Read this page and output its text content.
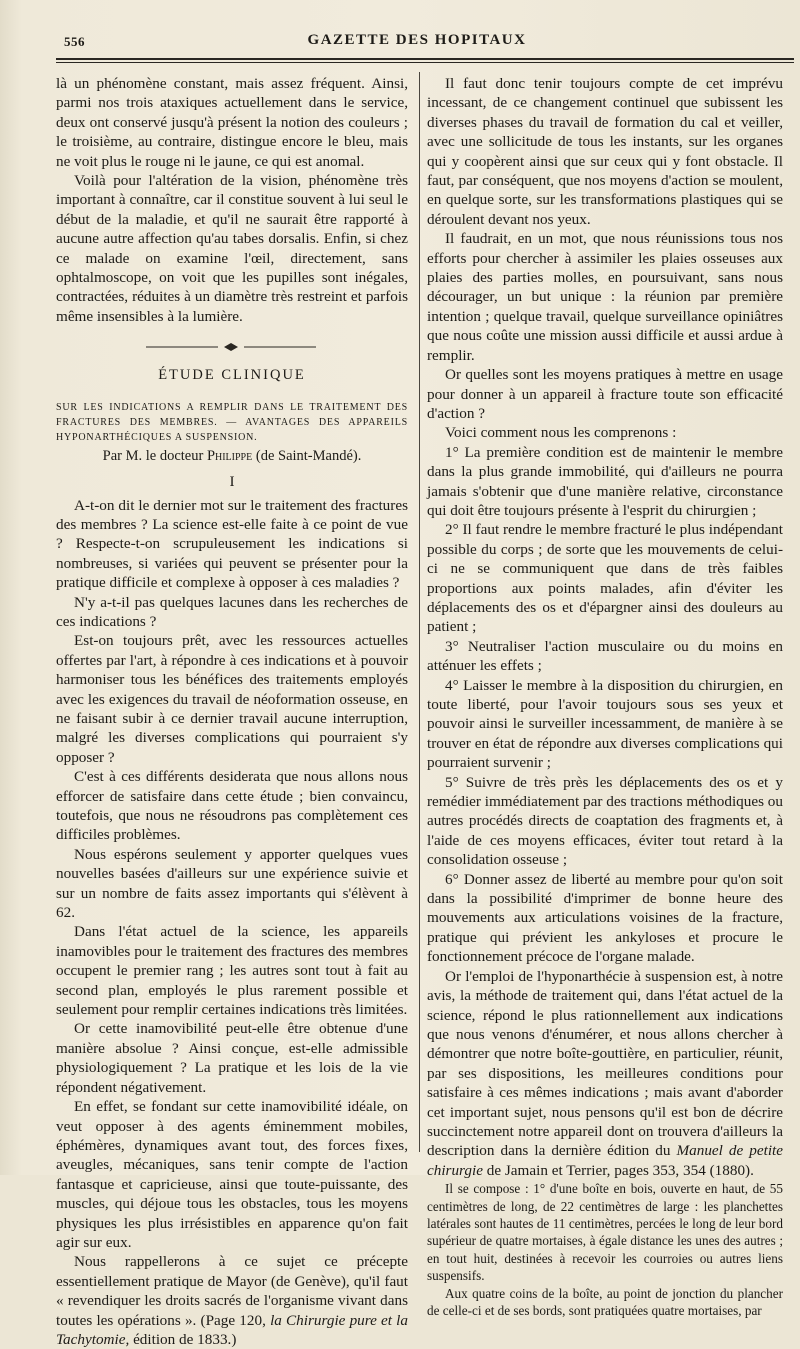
556	GAZETTE DES HOPITAUX

là un phénomène constant, mais assez fréquent. Ainsi, parmi nos trois ataxiques actuellement dans le service, deux ont conservé jusqu'à présent la notion des couleurs ; le troisième, au contraire, distingue encore le bleu, mais ne voit plus le rouge ni le jaune, ce qui est anomal.

Voilà pour l'altération de la vision, phénomène très important à connaître, car il constitue souvent à lui seul le début de la maladie, et qu'il ne saurait être rapporté à aucune autre affection qu'au tabes dorsalis. Enfin, si chez ce malade on examine l'œil, directement, sans ophtalmoscope, on voit que les pupilles sont inégales, contractées, réduites à un diamètre très restreint et parfois même insensibles à la lumière.

ÉTUDE CLINIQUE

SUR LES INDICATIONS A REMPLIR DANS LE TRAITEMENT DES FRACTURES DES MEMBRES. — AVANTAGES DES APPAREILS HYPONARTHÉCIQUES A SUSPENSION.

Par M. le docteur Philippe (de Saint-Mandé).
I

A-t-on dit le dernier mot sur le traitement des fractures des membres ? La science est-elle faite à ce point de vue ? Respecte-t-on scrupuleusement les indications si nombreuses, si variées qui peuvent se présenter pour la pratique difficile et complexe à opposer à ces maladies ?

N'y a-t-il pas quelques lacunes dans les recherches de ces indications ?

Est-on toujours prêt, avec les ressources actuelles offertes par l'art, à répondre à ces indications et à pouvoir harmoniser tous les bénéfices des traitements employés avec les exigences du travail de néoformation osseuse, en ne faisant subir à ce dernier travail aucune interruption, malgré les diverses complications qui pourraient s'y opposer ?

C'est à ces différents desiderata que nous allons nous efforcer de satisfaire dans cette étude ; bien convaincu, toutefois, que nous ne résoudrons pas complètement ces difficiles problèmes.

Nous espérons seulement y apporter quelques vues nouvelles basées d'ailleurs sur une expérience suivie et sur un nombre de faits assez importants qui s'élèvent à 62.

Dans l'état actuel de la science, les appareils inamovibles pour le traitement des fractures des membres occupent le premier rang ; les autres sont tout à fait au second plan, employés le plus rarement possible et seulement pour remplir certaines indications très limitées.

Or cette inamovibilité peut-elle être obtenue d'une manière absolue ? Ainsi conçue, est-elle admissible physiologiquement ? La pratique et les lois de la vie répondent négativement.

En effet, se fondant sur cette inamovibilité idéale, on veut opposer à des agents éminemment mobiles, éphémères, dynamiques avant tout, des forces fixes, aveugles, mécaniques, sans tenir compte de l'action fantasque et capricieuse, ainsi que toute-puissante, des muscles, qui déjoue tous les obstacles, tous les moyens physiques les plus irrésistibles en apparence qu'on fait agir sur eux.

Nous rappellerons à ce sujet ce précepte essentiellement pratique de Mayor (de Genève), qu'il faut « revendiquer les droits sacrés de l'organisme vivant dans toutes les opérations ». (Page 120, la Chirurgie pure et la Tachytomie, édition de 1833.)

Il faut donc tenir toujours compte de cet imprévu incessant, de ce changement continuel que subissent les diverses phases du travail de formation du cal et veiller, avec une sollicitude de tous les instants, sur les organes qui y coopèrent ainsi que sur ceux qui y font obstacle. Il faut, par conséquent, que nos moyens d'action se moulent, en quelque sorte, sur les transformations plastiques qui se déroulent devant nos yeux.

Il faudrait, en un mot, que nous réunissions tous nos efforts pour chercher à assimiler les plaies osseuses aux plaies des parties molles, en poursuivant, sans nous décourager, un but unique : la réunion par première intention ; quelque travail, quelque surveillance opiniâtres que nous coûte une mission aussi difficile et aussi ardue à remplir.

Or quelles sont les moyens pratiques à mettre en usage pour donner à un appareil à fracture toute son efficacité d'action ?

Voici comment nous les comprenons :

1° La première condition est de maintenir le membre dans la plus grande immobilité, qui d'ailleurs ne pourra jamais s'obtenir que d'une manière relative, circonstance qui doit être toujours présente à l'esprit du chirurgien ;

2° Il faut rendre le membre fracturé le plus indépendant possible du corps ; de sorte que les mouvements de celui-ci ne se communiquent que dans de très faibles proportions aux points malades, afin d'éviter les déplacements des os et d'épargner ainsi des douleurs au patient ;

3° Neutraliser l'action musculaire ou du moins en atténuer les effets ;

4° Laisser le membre à la disposition du chirurgien, en toute liberté, pour l'avoir toujours sous ses yeux et pouvoir ainsi le surveiller incessamment, de manière à se trouver en état de répondre aux diverses complications qui pourraient survenir ;

5° Suivre de très près les déplacements des os et y remédier immédiatement par des tractions méthodiques ou autres procédés directs de coaptation des fragments et, à l'aide de ces moyens efficaces, éviter tout retard à la consolidation osseuse ;

6° Donner assez de liberté au membre pour qu'on soit dans la possibilité d'imprimer de bonne heure des mouvements aux articulations voisines de la fracture, pratique qui prévient les ankyloses et procure le fonctionnement précoce de l'organe malade.

Or l'emploi de l'hyponarthécie à suspension est, à notre avis, la méthode de traitement qui, dans l'état actuel de la science, répond le plus rationnellement aux indications que nous venons d'énumérer, et nous allons chercher à démontrer que notre boîte-gouttière, en particulier, réunit, par ses dispositions, les meilleures conditions pour satisfaire à ces mêmes indications ; mais avant d'aborder cet important sujet, nous pensons qu'il est bon de décrire succinctement notre appareil dont on trouvera d'ailleurs la description dans la dernière édition du Manuel de petite chirurgie de Jamain et Terrier, pages 353, 354 (1880).

Il se compose : 1° d'une boîte en bois, ouverte en haut, de 55 centimètres de long, de 22 centimètres de large : les planchettes latérales sont hautes de 11 centimètres, percées le long de leur bord supérieur de quatre mortaises, à égale distance les unes des autres ; en tout huit, destinées à recevoir les courroies ou autres liens suspensifs.

Aux quatre coins de la boîte, au point de jonction du plancher de celle-ci et de ses bords, sont pratiquées quatre mortaises, par
